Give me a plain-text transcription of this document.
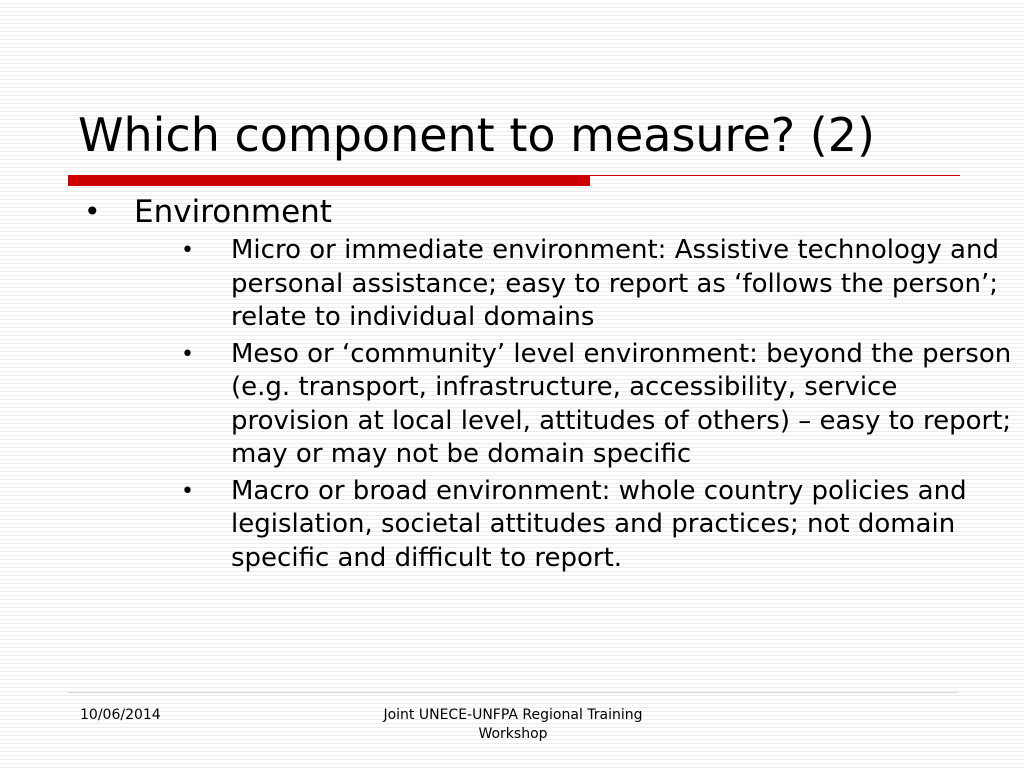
Which component to measure? (2)
• Environment
• Micro or immediate environment: Assistive technology and personal assistance; easy to report as ‘follows the person’; relate to individual domains
• Meso or ‘community’ level environment: beyond the person (e.g. transport, infrastructure, accessibility, service provision at local level, attitudes of others) – easy to report; may or may not be domain specific
• Macro or broad environment: whole country policies and legislation, societal attitudes and practices; not domain specific and difficult to report.
10/06/2014	Joint UNECE-UNFPA Regional Training Workshop
